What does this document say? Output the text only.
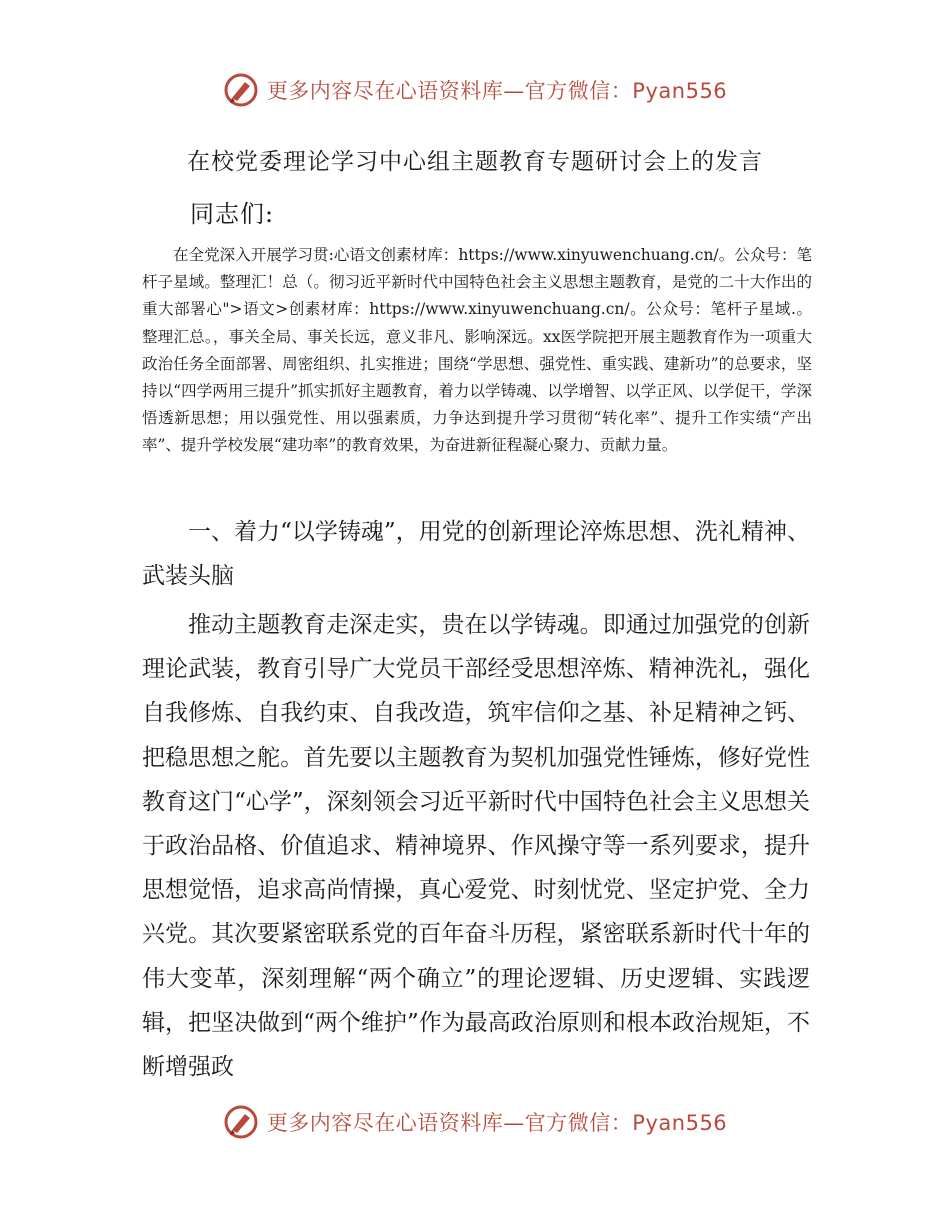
更多内容尽在心语资料库—官方微信：Pyan556
在校党委理论学习中心组主题教育专题研讨会上的发言
同志们:

在全党深入开展学习贯:心语文创素材库：https://www.xinyuwenchuang.cn/。公众号：笔杆子星域。整理汇！总（。彻习近平新时代中国特色社会主义思想主题教育，是党的二十大作出的重大部署心">语文>创素材库：https://www.xinyuwenchuang.cn/。公众号：笔杆子星域.。整理汇总。，事关全局、事关长远，意义非凡、影响深远。xx医学院把开展主题教育作为一项重大政治任务全面部署、周密组织、扎实推进；围绕“学思想、强党性、重实践、建新功”的总要求，坚持以“四学两用三提升”抓实抓好主题教育，着力以学铸魂、以学增智、以学正风、以学促干，学深悟透新思想；用以强党性、用以强素质，力争达到提升学习贯彻“转化率”、提升工作实绩“产出率”、提升学校发展“建功率”的教育效果，为奋进新征程凝心聚力、贡献力量。

一、着力“以学铸魂”，用党的创新理论淬炼思想、洗礼精神、武装头脑

推动主题教育走深走实，贵在以学铸魂。即通过加强党的创新理论武装，教育引导广大党员干部经受思想淬炼、精神洗礼，强化自我修炼、自我约束、自我改造，筑牢信仰之基、补足精神之钙、把稳思想之舵。首先要以主题教育为契机加强党性锤炼，修好党性教育这门“心学”，深刻领会习近平新时代中国特色社会主义思想关于政治品格、价值追求、精神境界、作风操守等一系列要求，提升思想觉悟，追求高尚情操，真心爱党、时刻忧党、坚定护党、全力兴党。其次要紧密联系党的百年奋斗历程，紧密联系新时代十年的伟大变革，深刻理解“两个确立”的理论逻辑、历史逻辑、实践逻辑，把坚决做到“两个维护”作为最高政治原则和根本政治规矩，不断增强政

更多内容尽在心语资料库—官方微信：Pyan556
